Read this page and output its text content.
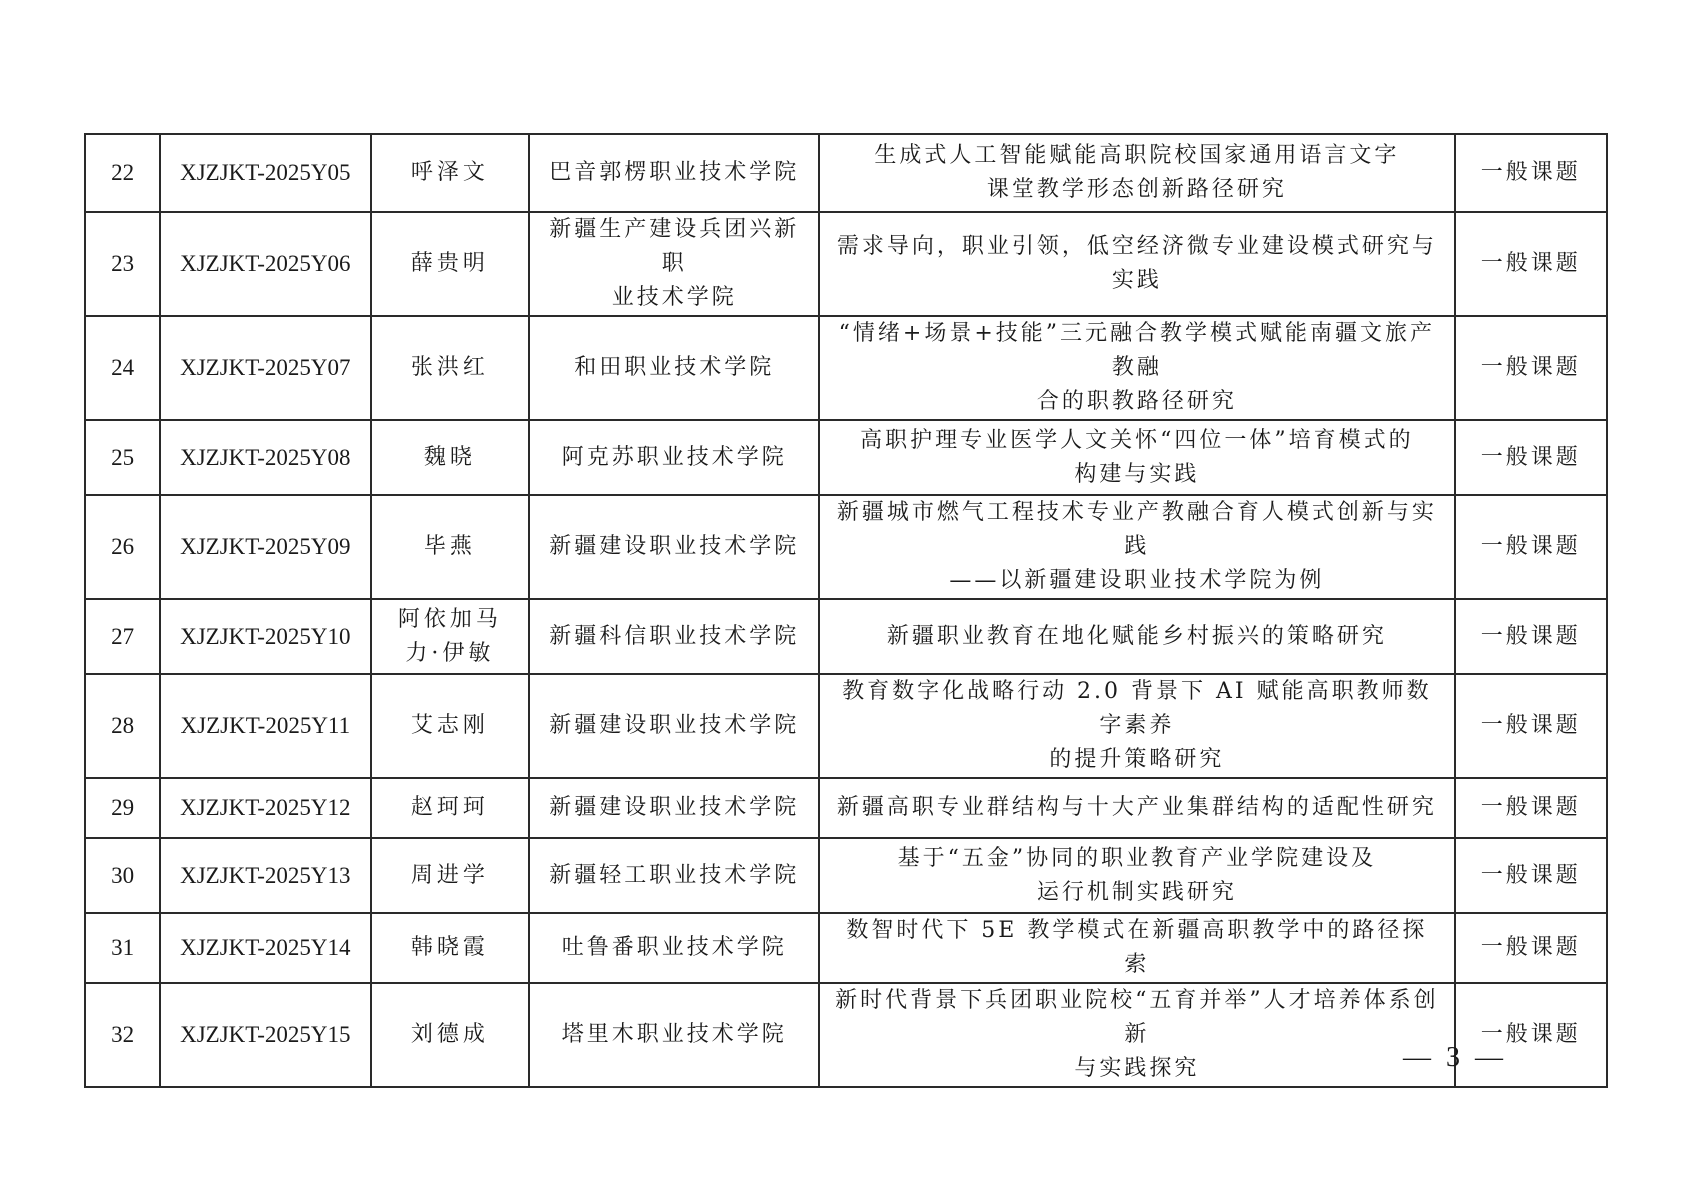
22	XJZJKT-2025Y05	呼泽文	巴音郭楞职业技术学院	生成式人工智能赋能高职院校国家通用语言文字
课堂教学形态创新路径研究	一般课题
23	XJZJKT-2025Y06	薛贵明	新疆生产建设兵团兴新职
业技术学院	需求导向，职业引领，低空经济微专业建设模式研究与实践	一般课题
24	XJZJKT-2025Y07	张洪红	和田职业技术学院	“情绪+场景+技能”三元融合教学模式赋能南疆文旅产教融
合的职教路径研究	一般课题
25	XJZJKT-2025Y08	魏晓	阿克苏职业技术学院	高职护理专业医学人文关怀“四位一体”培育模式的
构建与实践	一般课题
26	XJZJKT-2025Y09	毕燕	新疆建设职业技术学院	新疆城市燃气工程技术专业产教融合育人模式创新与实践
——以新疆建设职业技术学院为例	一般课题
27	XJZJKT-2025Y10	阿依加马
力·伊敏	新疆科信职业技术学院	新疆职业教育在地化赋能乡村振兴的策略研究	一般课题
28	XJZJKT-2025Y11	艾志刚	新疆建设职业技术学院	教育数字化战略行动 2.0 背景下 AI 赋能高职教师数字素养
的提升策略研究	一般课题
29	XJZJKT-2025Y12	赵珂珂	新疆建设职业技术学院	新疆高职专业群结构与十大产业集群结构的适配性研究	一般课题
30	XJZJKT-2025Y13	周进学	新疆轻工职业技术学院	基于“五金”协同的职业教育产业学院建设及
运行机制实践研究	一般课题
31	XJZJKT-2025Y14	韩晓霞	吐鲁番职业技术学院	数智时代下 5E 教学模式在新疆高职教学中的路径探索	一般课题
32	XJZJKT-2025Y15	刘德成	塔里木职业技术学院	新时代背景下兵团职业院校“五育并举”人才培养体系创新
与实践探究	一般课题
— 3 —
